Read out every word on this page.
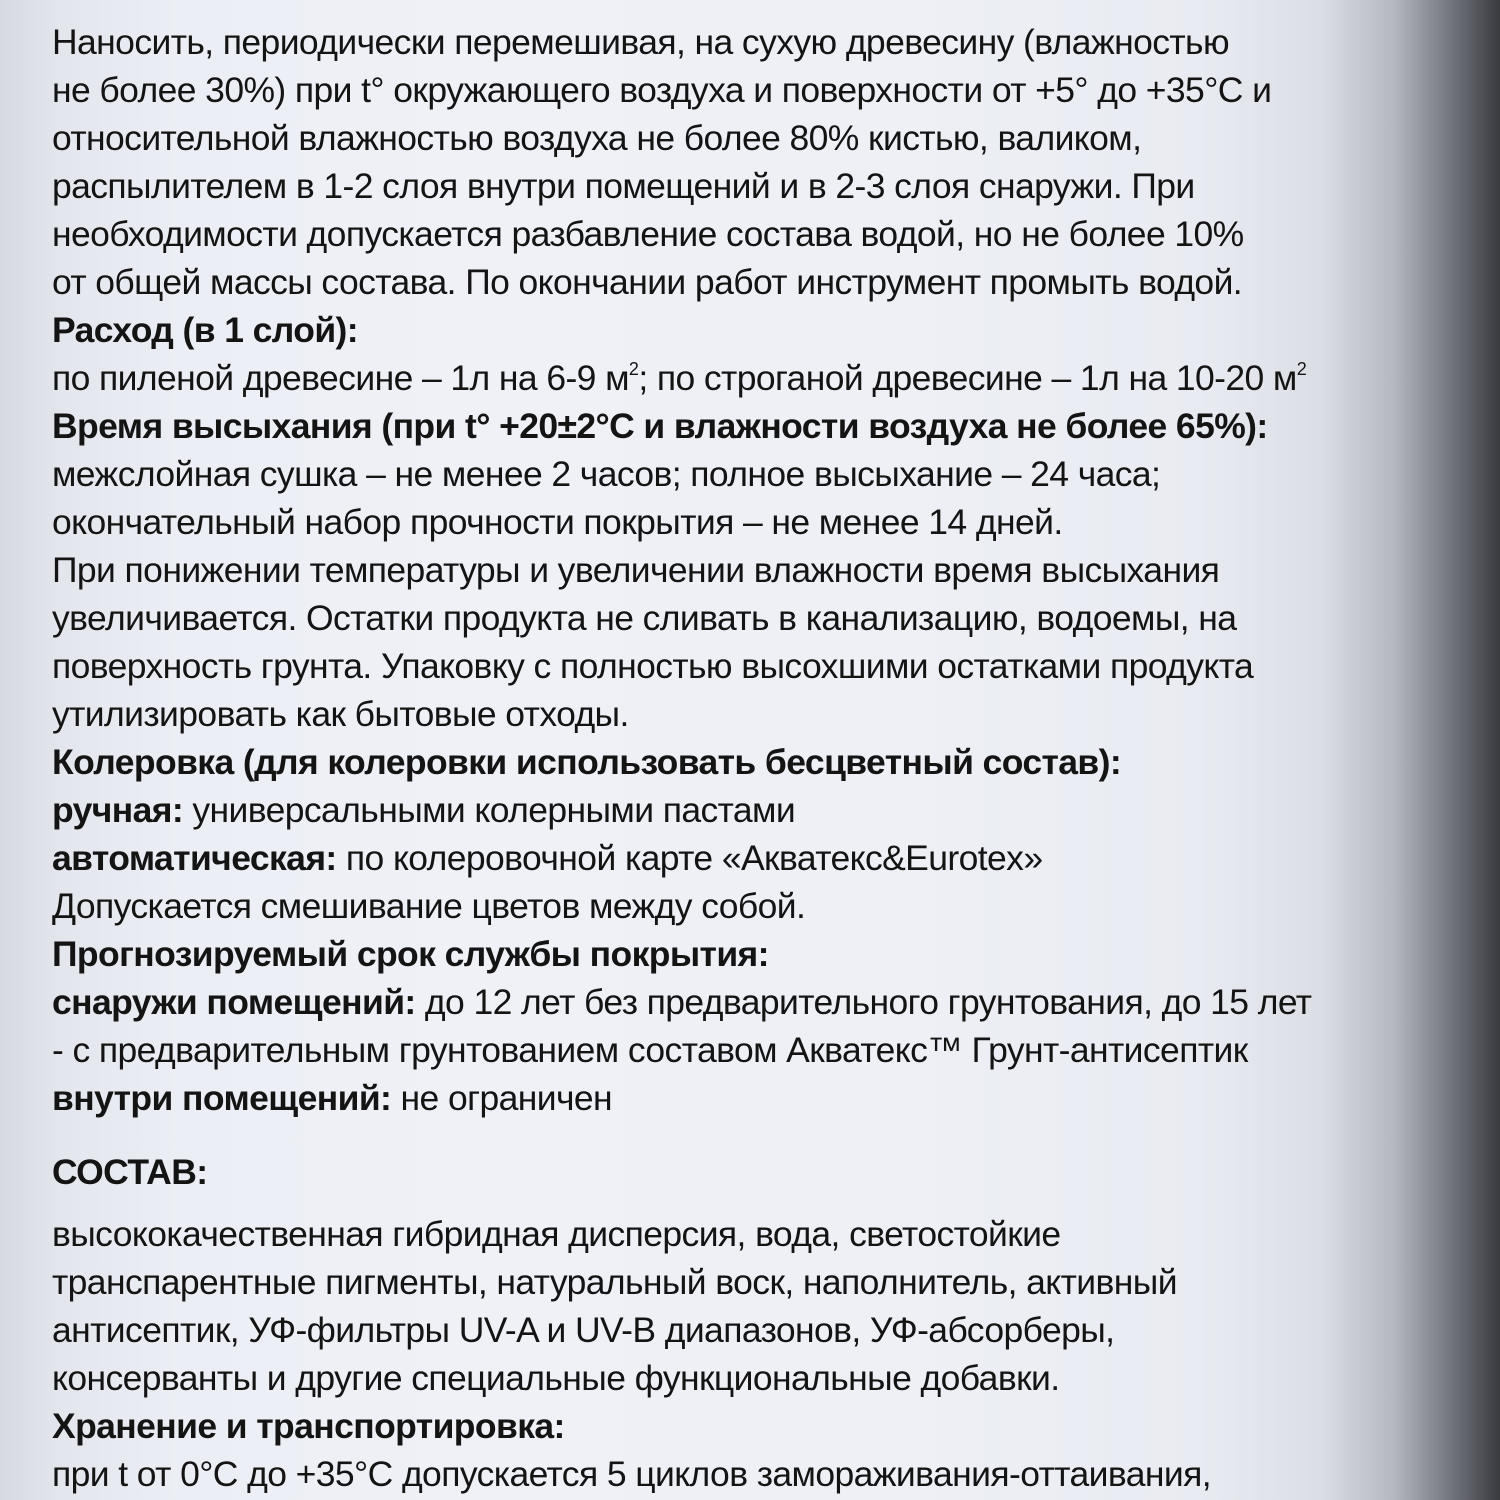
Наносить, периодически перемешивая, на сухую древесину (влажностью
не более 30%) при t° окружающего воздуха и поверхности от +5° до +35°С и
относительной влажностью воздуха не более 80% кистью, валиком,
распылителем в 1-2 слоя внутри помещений и в 2-3 слоя снаружи. При
необходимости допускается разбавление состава водой, но не более 10%
от общей массы состава. По окончании работ инструмент промыть водой.
Расход (в 1 слой):
по пиленой древесине – 1л на 6-9 $м^2$; по строганой древесине – 1л на 10-20 $м^2$
Время высыхания (при t° +20±2°С и влажности воздуха не более 65%):
межслойная сушка – не менее 2 часов; полное высыхание – 24 часа;
окончательный набор прочности покрытия – не менее 14 дней.
При понижении температуры и увеличении влажности время высыхания
увеличивается. Остатки продукта не сливать в канализацию, водоемы, на
поверхность грунта. Упаковку с полностью высохшими остатками продукта
утилизировать как бытовые отходы.
Колеровка (для колеровки использовать бесцветный состав):
ручная: универсальными колерными пастами
автоматическая: по колеровочной карте «Акватекс&Eurotex»
Допускается смешивание цветов между собой.
Прогнозируемый срок службы покрытия:
снаружи помещений: до 12 лет без предварительного грунтования, до 15 лет
- с предварительным грунтованием составом Акватекс™ Грунт-антисептик
внутри помещений: не ограничен
СОСТАВ:
высококачественная гибридная дисперсия, вода, светостойкие
транспарентные пигменты, натуральный воск, наполнитель, активный
антисептик, УФ-фильтры UV-A и UV-B диапазонов, УФ-абсорберы,
консерванты и другие специальные функциональные добавки.
Хранение и транспортировка:
при t от 0°С до +35°С допускается 5 циклов замораживания-оттаивания,
